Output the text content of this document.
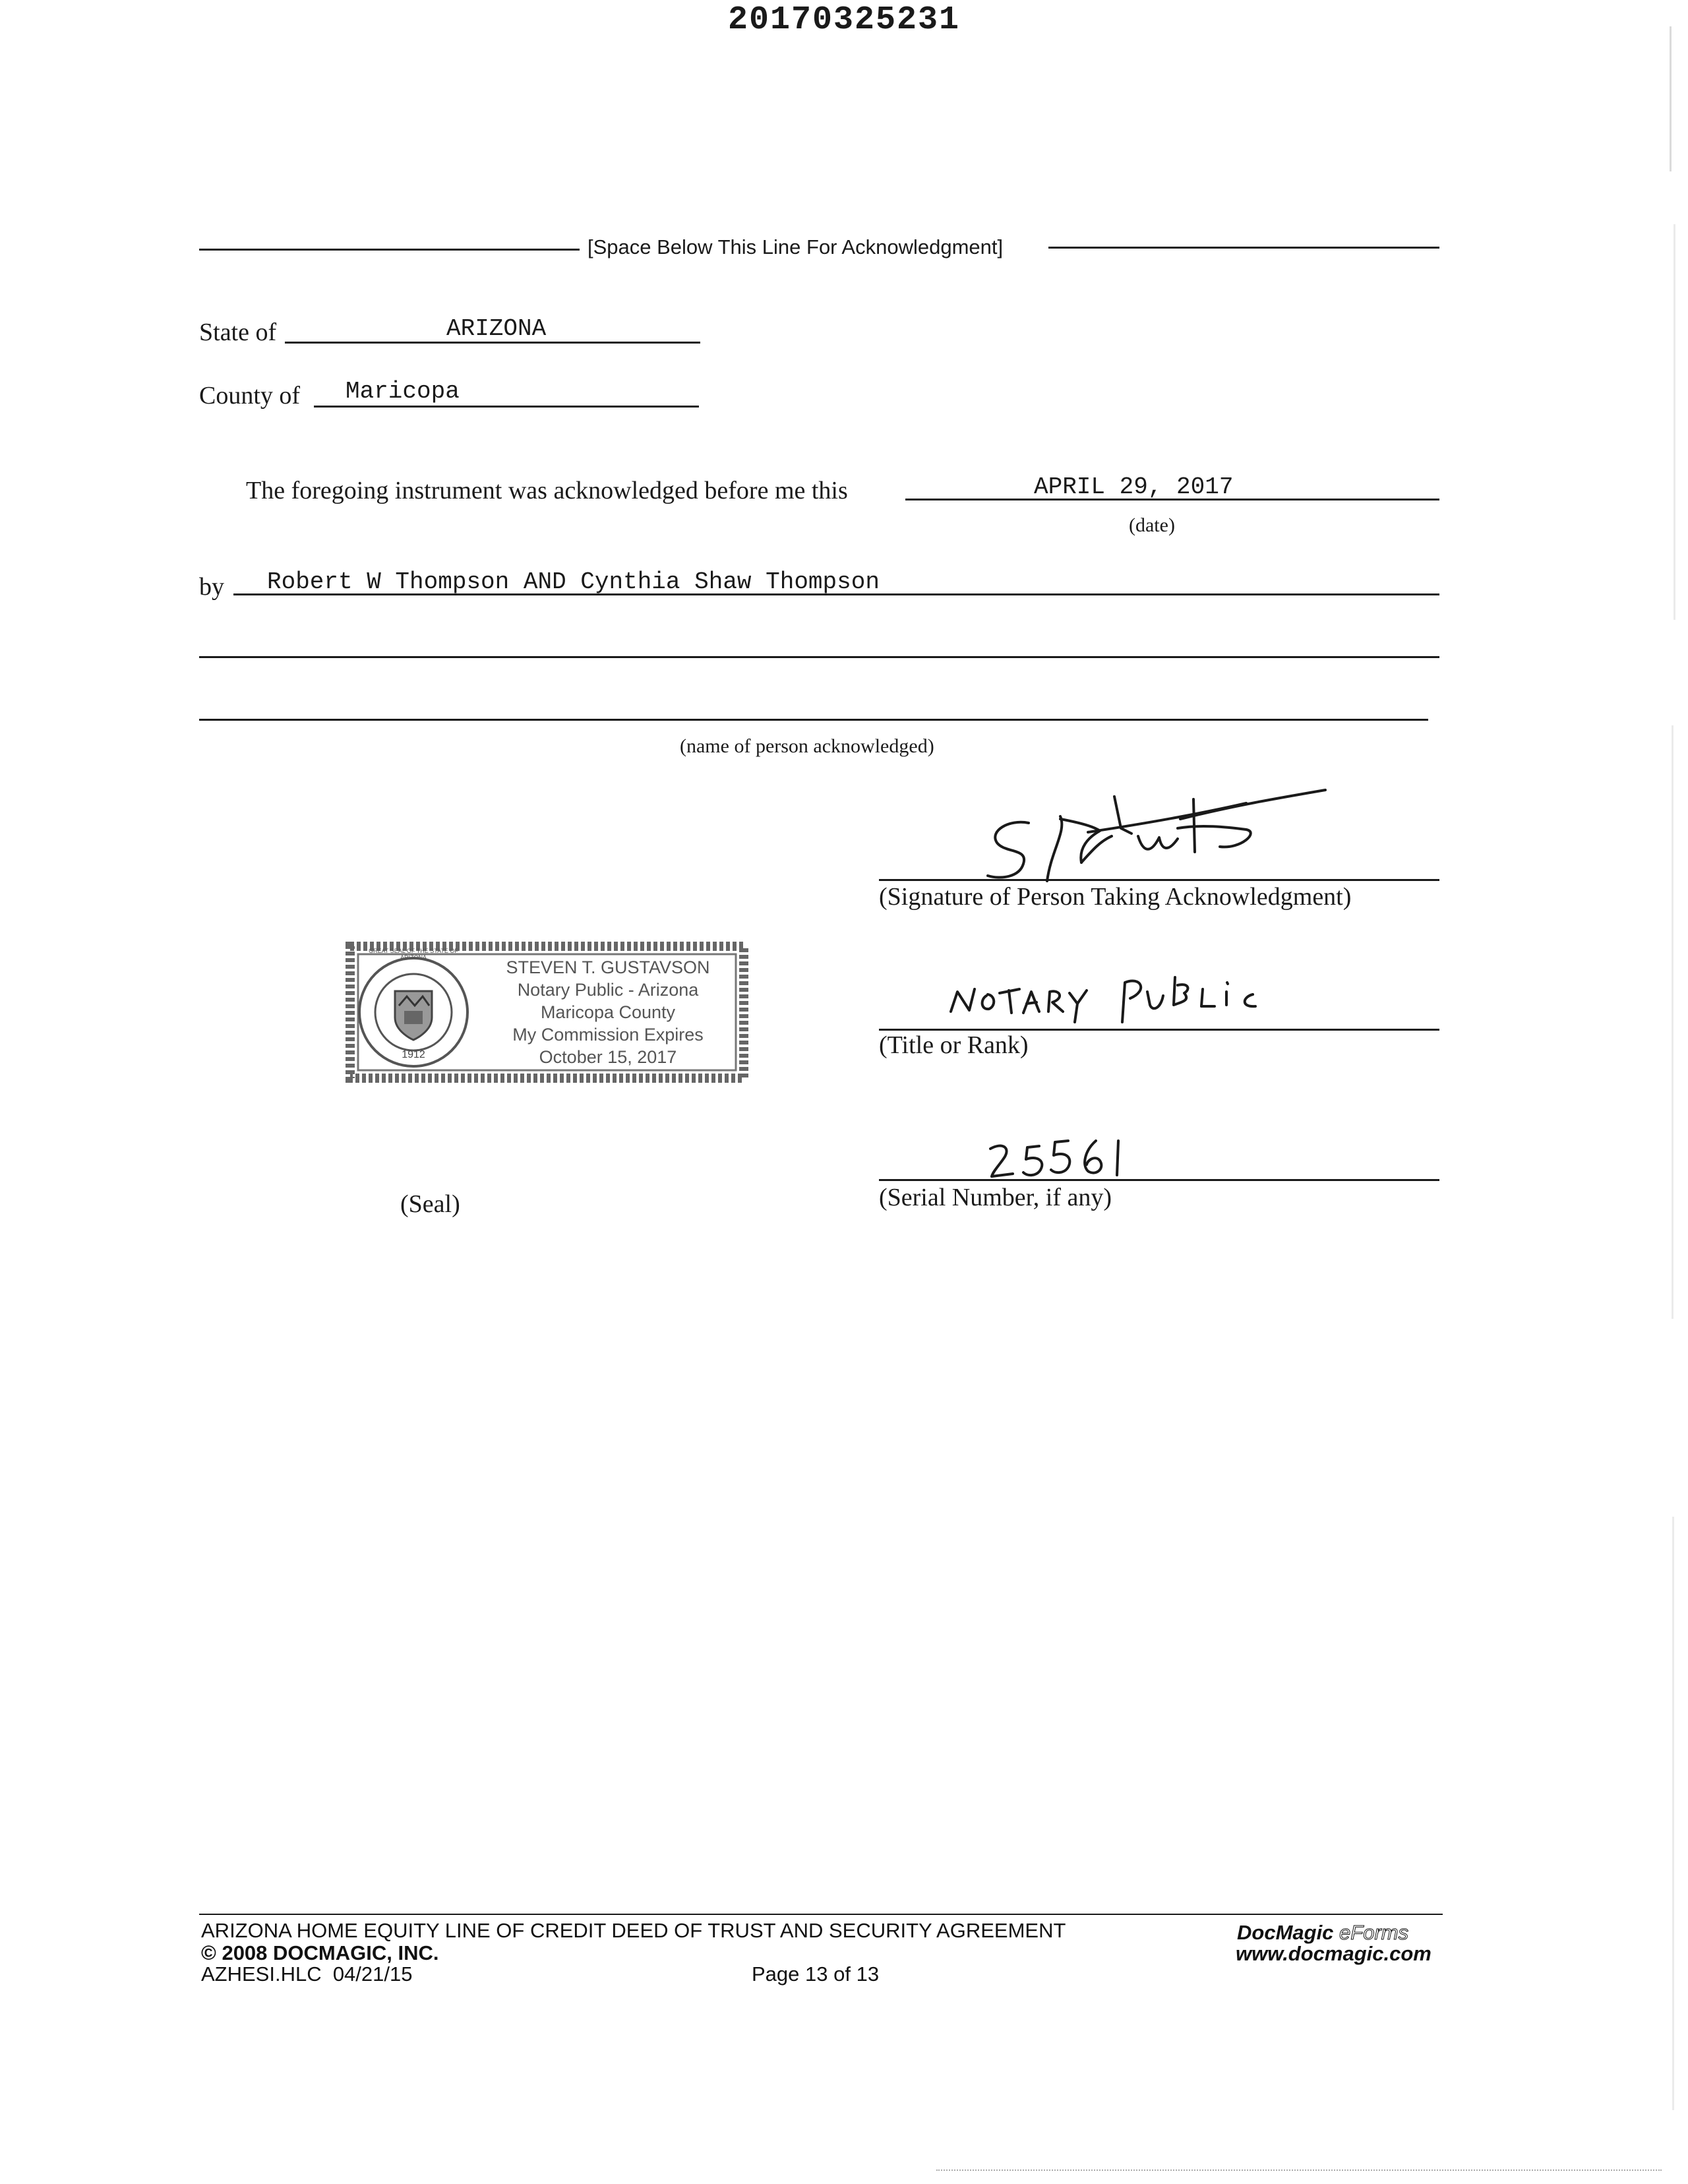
20170325231
[Space Below This Line For Acknowledgment]
State of	ARIZONA
County of Maricopa
The foregoing instrument was acknowledged before me this	APRIL 29, 2017
(date)
by Robert W Thompson AND Cynthia Shaw Thompson
(name of person acknowledged)
(Signature of Person Taking Acknowledgment)
GREAT SEAL OF THE STATE OF ARIZONA
1912
STEVEN T. GUSTAVSON
Notary Public - Arizona
Maricopa County
My Commission Expires
October 15, 2017	(Title or Rank)
(Serial Number, if any)
(Seal)
ARIZONA HOME EQUITY LINE OF CREDIT DEED OF TRUST AND SECURITY AGREEMENT
© 2008 DOCMAGIC, INC.
AZHESI.HLC  04/21/15	Page 13 of 13
DocMagic eForms
www.docmagic.com
